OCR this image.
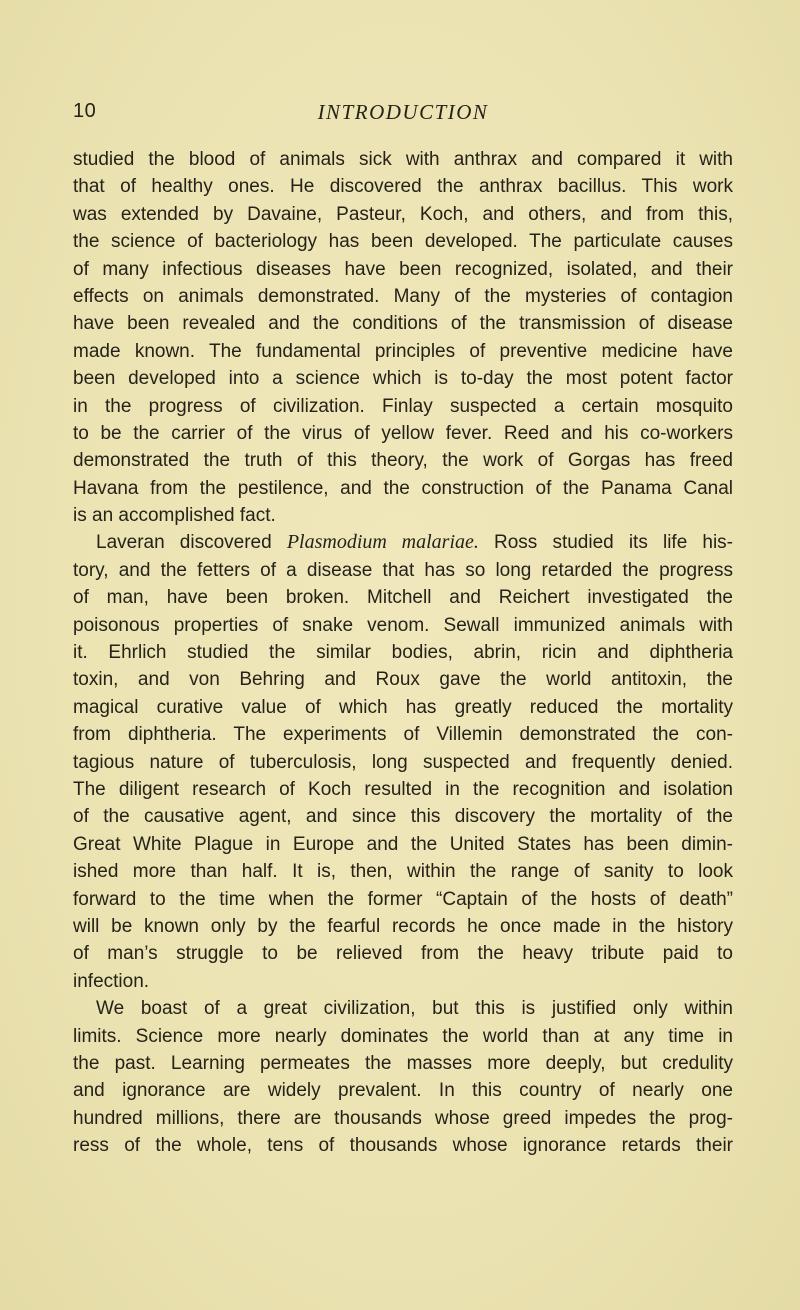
10	INTRODUCTION
studied the blood of animals sick with anthrax and compared it with
that of healthy ones. He discovered the anthrax bacillus. This work
was extended by Davaine, Pasteur, Koch, and others, and from this,
the science of bacteriology has been developed. The particulate causes
of many infectious diseases have been recognized, isolated, and their
effects on animals demonstrated. Many of the mysteries of contagion
have been revealed and the conditions of the transmission of disease
made known. The fundamental principles of preventive medicine have
been developed into a science which is to-day the most potent factor
in the progress of civilization. Finlay suspected a certain mosquito
to be the carrier of the virus of yellow fever. Reed and his co-workers
demonstrated the truth of this theory, the work of Gorgas has freed
Havana from the pestilence, and the construction of the Panama Canal
is an accomplished fact.
Laveran discovered Plasmodium malariae. Ross studied its life his-
tory, and the fetters of a disease that has so long retarded the progress
of man, have been broken. Mitchell and Reichert investigated the
poisonous properties of snake venom. Sewall immunized animals with
it. Ehrlich studied the similar bodies, abrin, ricin and diphtheria
toxin, and von Behring and Roux gave the world antitoxin, the
magical curative value of which has greatly reduced the mortality
from diphtheria. The experiments of Villemin demonstrated the con-
tagious nature of tuberculosis, long suspected and frequently denied.
The diligent research of Koch resulted in the recognition and isolation
of the causative agent, and since this discovery the mortality of the
Great White Plague in Europe and the United States has been dimin-
ished more than half. It is, then, within the range of sanity to look
forward to the time when the former “Captain of the hosts of death”
will be known only by the fearful records he once made in the history
of man’s struggle to be relieved from the heavy tribute paid to
infection.
We boast of a great civilization, but this is justified only within
limits. Science more nearly dominates the world than at any time in
the past. Learning permeates the masses more deeply, but credulity
and ignorance are widely prevalent. In this country of nearly one
hundred millions, there are thousands whose greed impedes the prog-
ress of the whole, tens of thousands whose ignorance retards their
